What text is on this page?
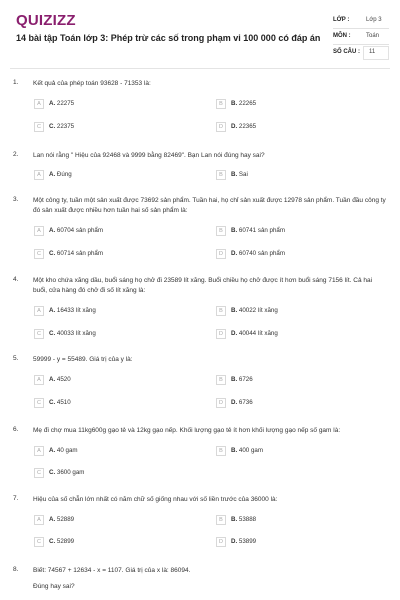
QUIZIZZ
14 bài tập Toán lớp 3: Phép trừ các số trong phạm vi 100 000 có đáp án
LỚP :	Lớp 3
MÔN :	Toán
SỐ CÂU : 11
1. Kết quả của phép toán 93628 - 71353 là:
A	A. 22275	B	B. 22265
C	C. 22375	D	D. 22365
2. Lan nói rằng " Hiệu của 92468 và 9999 bằng 82469". Bạn Lan nói đúng hay sai?
A	A. Đúng	B	B. Sai
3. Một công ty, tuần một sản xuất được 73692 sản phẩm. Tuần hai, họ chỉ sản xuất được 12978 sản phẩm. Tuần đầu công ty đó sản xuất được nhiều hơn tuần hai số sản phẩm là:
A	A. 60704 sản phẩm	B	B. 60741 sản phẩm
C	C. 60714 sản phẩm	D	D. 60740 sản phẩm
4. Một kho chứa xăng dầu, buổi sáng họ chở đi 23589 lít xăng. Buổi chiều họ chở được ít hơn buổi sáng 7156 lít. Cả hai buổi, cửa hàng đó chở đi số lít xăng là:
A	A. 16433 lít xăng	B	B. 40022 lít xăng
C	C. 40033 lít xăng	D	D. 40044 lít xăng
5. 59999 - y = 55489. Giá trị của y là:
A	A. 4520	B	B. 6726
C	C. 4510	D	D. 6736
6. Mẹ đi chợ mua 11kg600g gạo tẻ và 12kg gạo nếp. Khối lượng gạo tẻ ít hơn khối lượng gạo nếp số gam là:
A	A. 40 gam	B	B. 400 gam
C	C. 3600 gam
7. Hiệu của số chẵn lớn nhất có năm chữ số giống nhau với số liền trước của 36000 là:
A	A. 52889	B	B. 53888
C	C. 52899	D	D. 53899
8. Biết: 74567 + 12634 - x = 1107. Giá trị của x là: 86094.
Đúng hay sai?
